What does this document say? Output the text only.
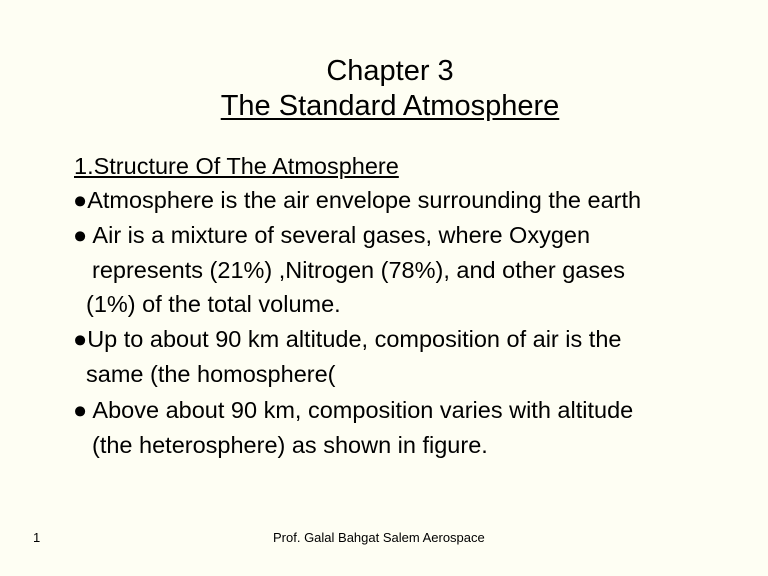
Chapter 3
The Standard Atmosphere
1.Structure Of The Atmosphere
●Atmosphere is the air envelope surrounding the earth
● Air is a mixture of several gases, where Oxygen
represents (21%) ,Nitrogen (78%), and other gases
(1%) of the total volume.
●Up to about 90 km altitude, composition of air is the
same (the homosphere(
● Above about 90 km, composition varies with altitude
(the heterosphere) as shown in figure.
1	Prof. Galal Bahgat Salem Aerospace
